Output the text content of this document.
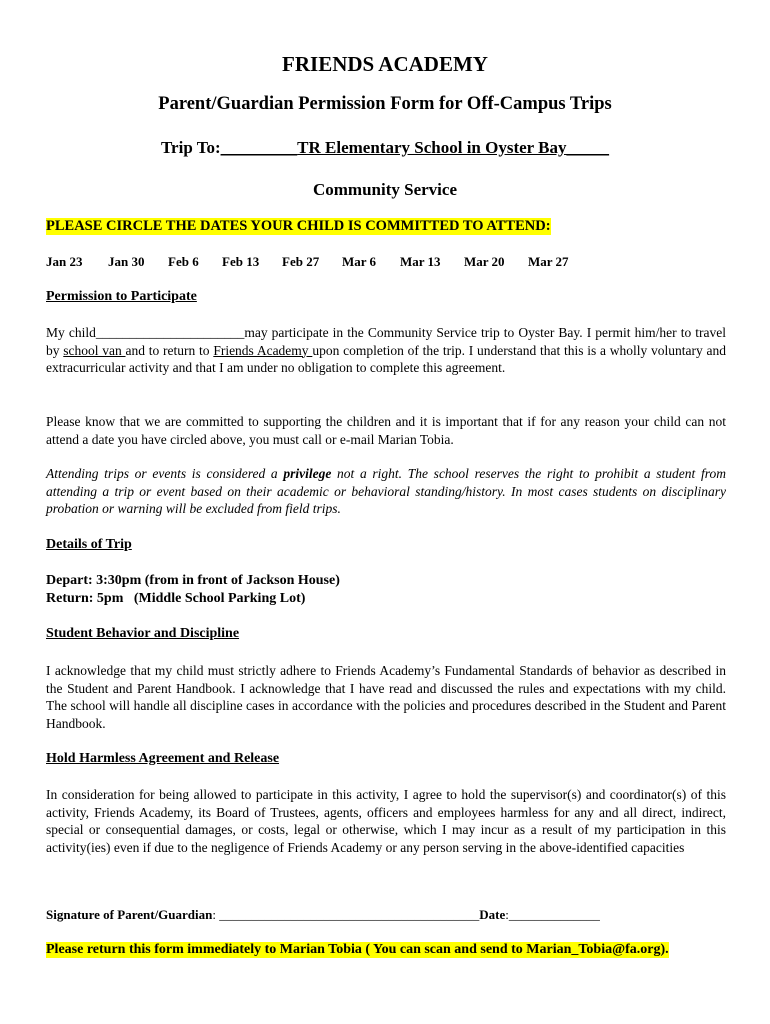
FRIENDS ACADEMY
Parent/Guardian Permission Form for Off-Campus Trips
Trip To:_________TR Elementary School in Oyster Bay_____
Community Service
PLEASE CIRCLE THE DATES YOUR CHILD IS COMMITTED TO ATTEND:
Jan 23 Jan 30 Feb 6 Feb 13 Feb 27 Mar 6 Mar 13 Mar 20 Mar 27
Permission to Participate
My child______________________may participate in the Community Service trip to Oyster Bay. I permit him/her to travel by school van and to return to Friends Academy upon completion of the trip. I understand that this is a wholly voluntary and extracurricular activity and that I am under no obligation to complete this agreement.
Please know that we are committed to supporting the children and it is important that if for any reason your child can not attend a date you have circled above, you must call or e-mail Marian Tobia.
Attending trips or events is considered a privilege not a right. The school reserves the right to prohibit a student from attending a trip or event based on their academic or behavioral standing/history. In most cases students on disciplinary probation or warning will be excluded from field trips.
Details of Trip
Depart: 3:30pm (from in front of Jackson House)
Return: 5pm   (Middle School Parking Lot)
Student Behavior and Discipline
I acknowledge that my child must strictly adhere to Friends Academy’s Fundamental Standards of behavior as described in the Student and Parent Handbook. I acknowledge that I have read and discussed the rules and expectations with my child. The school will handle all discipline cases in accordance with the policies and procedures described in the Student and Parent Handbook.
Hold Harmless Agreement and Release
In consideration for being allowed to participate in this activity, I agree to hold the supervisor(s) and coordinator(s) of this activity, Friends Academy, its Board of Trustees, agents, officers and employees harmless for any and all direct, indirect, special or consequential damages, or costs, legal or otherwise, which I may incur as a result of my participation in this activity(ies) even if due to the negligence of Friends Academy or any person serving in the above-identified capacities
Signature of Parent/Guardian: ________________________________________Date:______________
Please return this form immediately to Marian Tobia ( You can scan and send to Marian_Tobia@fa.org).
